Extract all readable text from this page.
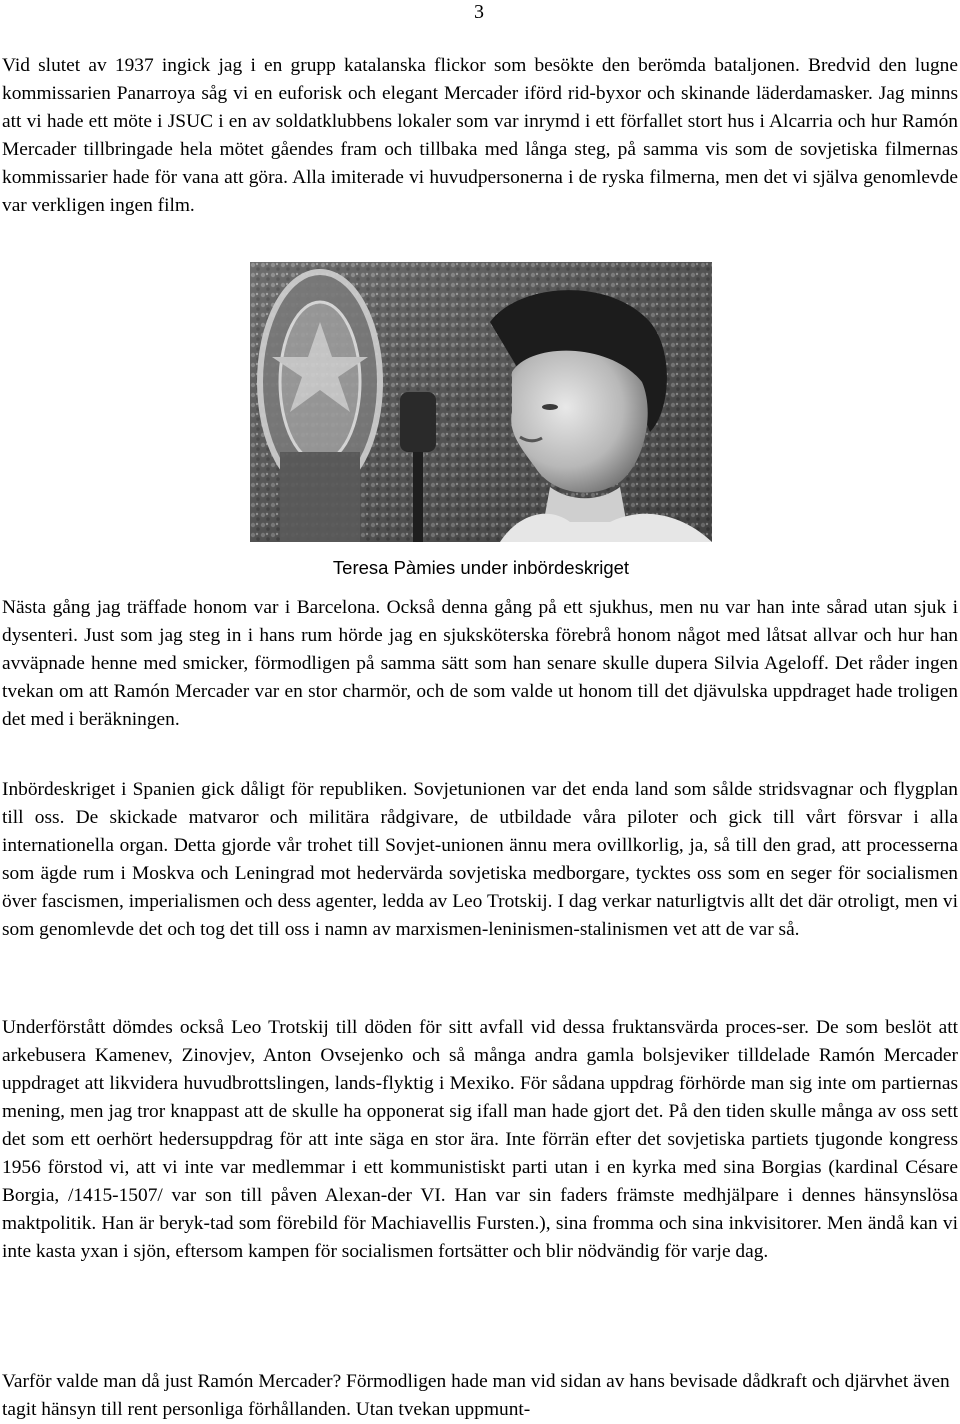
3

Vid slutet av 1937 ingick jag i en grupp katalanska flickor som besökte den berömda bataljonen. Bredvid den lugne kommissarien Panarroya såg vi en euforisk och elegant Mercader iförd rid-byxor och skinande läderdamasker. Jag minns att vi hade ett möte i JSUC i en av soldatklubbens lokaler som var inrymd i ett förfallet stort hus i Alcarria och hur Ramón Mercader tillbringade hela mötet gåendes fram och tillbaka med långa steg, på samma vis som de sovjetiska filmernas kommissarier hade för vana att göra. Alla imiterade vi huvudpersonerna i de ryska filmerna, men det vi själva genomlevde var verkligen ingen film.

Teresa Pàmies under inbördeskriget

Nästa gång jag träffade honom var i Barcelona. Också denna gång på ett sjukhus, men nu var han inte sårad utan sjuk i dysenteri. Just som jag steg in i hans rum hörde jag en sjuksköterska förebrå honom något med låtsat allvar och hur han avväpnade henne med smicker, förmodligen på samma sätt som han senare skulle dupera Silvia Ageloff. Det råder ingen tvekan om att Ramón Mercader var en stor charmör, och de som valde ut honom till det djävulska uppdraget hade troligen det med i beräkningen.

Inbördeskriget i Spanien gick dåligt för republiken. Sovjetunionen var det enda land som sålde stridsvagnar och flygplan till oss. De skickade matvaror och militära rådgivare, de utbildade våra piloter och gick till vårt försvar i alla internationella organ. Detta gjorde vår trohet till Sovjet-unionen ännu mera ovillkorlig, ja, så till den grad, att processerna som ägde rum i Moskva och Leningrad mot hedervärda sovjetiska medborgare, tycktes oss som en seger för socialismen över fascismen, imperialismen och dess agenter, ledda av Leo Trotskij. I dag verkar naturligtvis allt det där otroligt, men vi som genomlevde det och tog det till oss i namn av marxismen-leninismen-stalinismen vet att de var så.

Underförstått dömdes också Leo Trotskij till döden för sitt avfall vid dessa fruktansvärda proces-ser. De som beslöt att arkebusera Kamenev, Zinovjev, Anton Ovsejenko och så många andra gamla bolsjeviker tilldelade Ramón Mercader uppdraget att likvidera huvudbrottslingen, lands-flyktig i Mexiko. För sådana uppdrag förhörde man sig inte om partiernas mening, men jag tror knappast att de skulle ha opponerat sig ifall man hade gjort det. På den tiden skulle många av oss sett det som ett oerhört hedersuppdrag för att inte säga en stor ära. Inte förrän efter det sovjetiska partiets tjugonde kongress 1956 förstod vi, att vi inte var medlemmar i ett kommunistiskt parti utan i en kyrka med sina Borgias (kardinal Césare Borgia, /1415-1507/ var son till påven Alexan-der VI. Han var sin faders främste medhjälpare i dennes hänsynslösa maktpolitik. Han är beryk-tad som förebild för Machiavellis Fursten.), sina fromma och sina inkvisitorer. Men ändå kan vi inte kasta yxan i sjön, eftersom kampen för socialismen fortsätter och blir nödvändig för varje dag.

Varför valde man då just Ramón Mercader? Förmodligen hade man vid sidan av hans bevisade dådkraft och djärvhet även tagit hänsyn till rent personliga förhållanden. Utan tvekan uppmunt-
